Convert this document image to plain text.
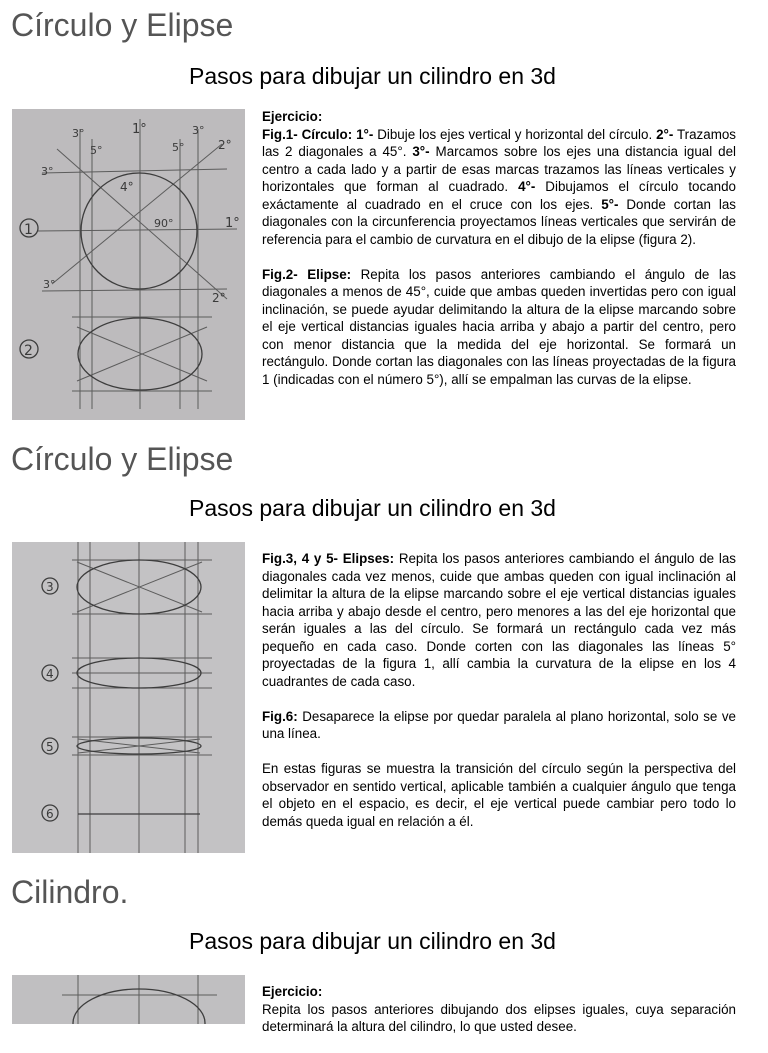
Círculo y Elipse
Pasos para dibujar un cilindro en 3d
1
2
1°
1°
2°
2°
3°	3°
3°
3°
5°	5°
4°
90°

Ejercicio:
Fig.1- Círculo: 1°- Dibuje los ejes vertical y horizontal del círculo. 2°- Trazamos las 2 diagonales a 45°. 3°- Marcamos sobre los ejes una distancia igual del centro a cada lado y a partir de esas marcas trazamos las líneas verticales y horizontales que forman al cuadrado. 4°- Dibujamos el círculo tocando exáctamente al cuadrado en el cruce con los ejes. 5°- Donde cortan las diagonales con la circunferencia proyectamos líneas verticales que servirán de referencia para el cambio de curvatura en el dibujo de la elipse (figura 2).

Fig.2- Elipse: Repita los pasos anteriores cambiando el ángulo de las diagonales a menos de 45°, cuide que ambas queden invertidas pero con igual inclinación, se puede ayudar delimitando la altura de la elipse marcando sobre el eje vertical distancias iguales hacia arriba y abajo a partir del centro, pero con menor distancia que la medida del eje horizontal. Se formará un rectángulo. Donde cortan las diagonales con las líneas proyectadas de la figura 1 (indicadas con el número 5°), allí se empalman las curvas de la elipse.

Círculo y Elipse
Pasos para dibujar un cilindro en 3d
3
4
5
6

Fig.3, 4 y 5- Elipses: Repita los pasos anteriores cambiando el ángulo de las diagonales cada vez menos, cuide que ambas queden con igual inclinación al delimitar la altura de la elipse marcando sobre el eje vertical distancias iguales hacia arriba y abajo desde el centro, pero menores a las del eje horizontal que serán iguales a las del círculo. Se formará un rectángulo cada vez más pequeño en cada caso. Donde corten con las diagonales las líneas 5° proyectadas de la figura 1, allí cambia la curvatura de la elipse en los 4 cuadrantes de cada caso.

Fig.6: Desaparece la elipse por quedar paralela al plano horizontal, solo se ve una línea.

En estas figuras se muestra la transición del círculo según la perspectiva del observador en sentido vertical, aplicable también a cualquier ángulo que tenga el objeto en el espacio, es decir, el eje vertical puede cambiar pero todo lo demás queda igual en relación a él.

Cilindro.
Pasos para dibujar un cilindro en 3d

Ejercicio:
Repita los pasos anteriores dibujando dos elipses iguales, cuya separación determinará la altura del cilindro, lo que usted desee.
